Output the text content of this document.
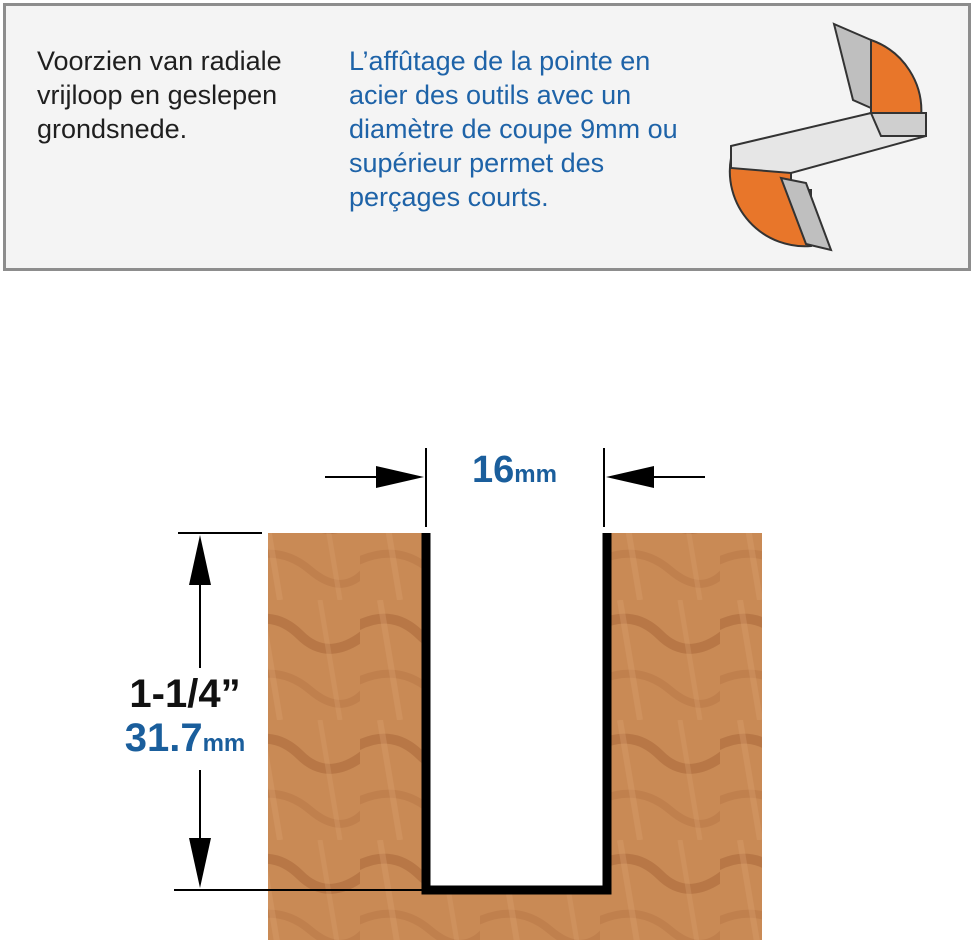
Voorzien van radiale vrijloop en geslepen grondsnede.
L’affûtage de la pointe en acier des outils avec un diamètre de coupe 9mm ou supérieur permet des perçages courts.
16mm
1-1/4”
31.7mm
